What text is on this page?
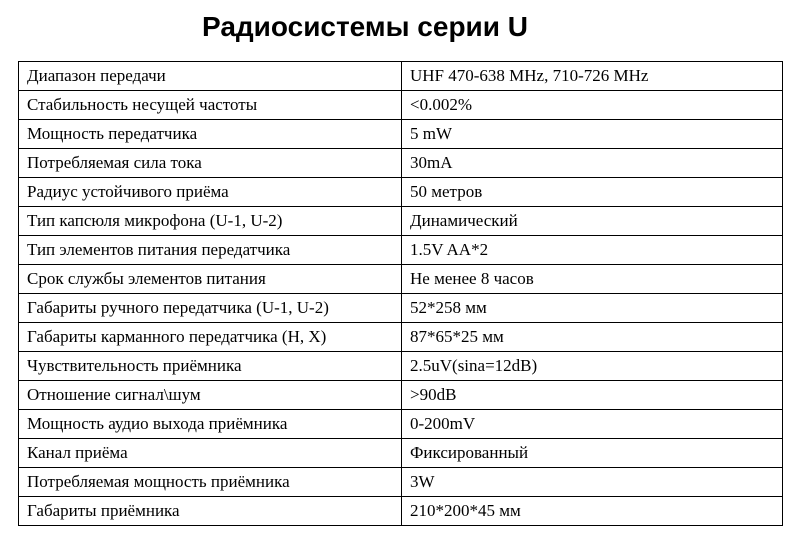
Радиосистемы серии U
Диапазон передачи	UHF 470-638 MHz, 710-726 MHz
Стабильность несущей частоты	<0.002%
Мощность передатчика	5 mW
Потребляемая сила тока	30mA
Радиус устойчивого приёма	50 метров
Тип капсюля микрофона (U-1, U-2)	Динамический
Тип элементов питания передатчика	1.5V AA*2
Срок службы элементов питания	Не менее 8 часов
Габариты ручного передатчика (U-1, U-2)	52*258 мм
Габариты карманного передатчика (H, X)	87*65*25 мм
Чувствительность приёмника	2.5uV(sina=12dB)
Отношение сигнал\шум	>90dB
Мощность аудио выхода приёмника	0-200mV
Канал приёма	Фиксированный
Потребляемая мощность приёмника	3W
Габариты приёмника	210*200*45 мм
